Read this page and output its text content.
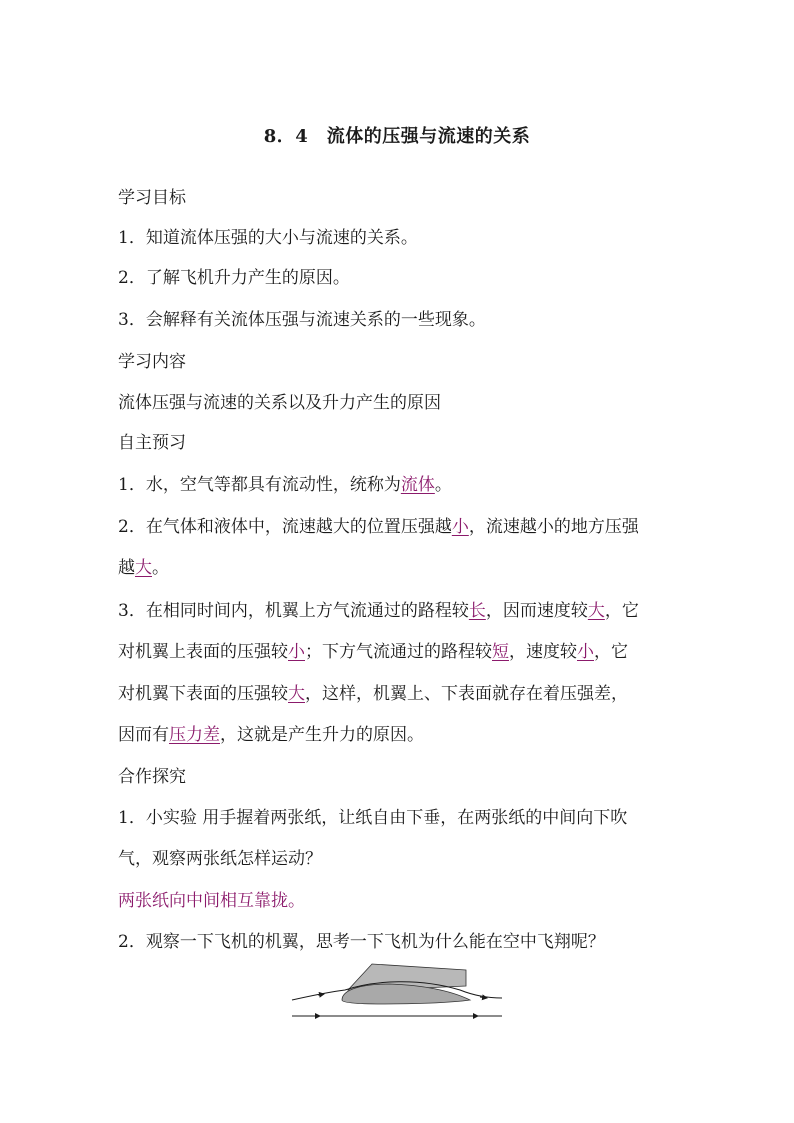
8．4　流体的压强与流速的关系
学习目标
1．知道流体压强的大小与流速的关系。
2．了解飞机升力产生的原因。
3．会解释有关流体压强与流速关系的一些现象。
学习内容
流体压强与流速的关系以及升力产生的原因
自主预习
1．水，空气等都具有流动性，统称为流体。
2．在气体和液体中，流速越大的位置压强越小，流速越小的地方压强
越大。
3．在相同时间内，机翼上方气流通过的路程较长，因而速度较大，它
对机翼上表面的压强较小；下方气流通过的路程较短，速度较小，它
对机翼下表面的压强较大，这样，机翼上、下表面就存在着压强差，
因而有压力差，这就是产生升力的原因。
合作探究
1．小实验 用手握着两张纸，让纸自由下垂，在两张纸的中间向下吹
气，观察两张纸怎样运动？
两张纸向中间相互靠拢。
2．观察一下飞机的机翼，思考一下飞机为什么能在空中飞翔呢？
